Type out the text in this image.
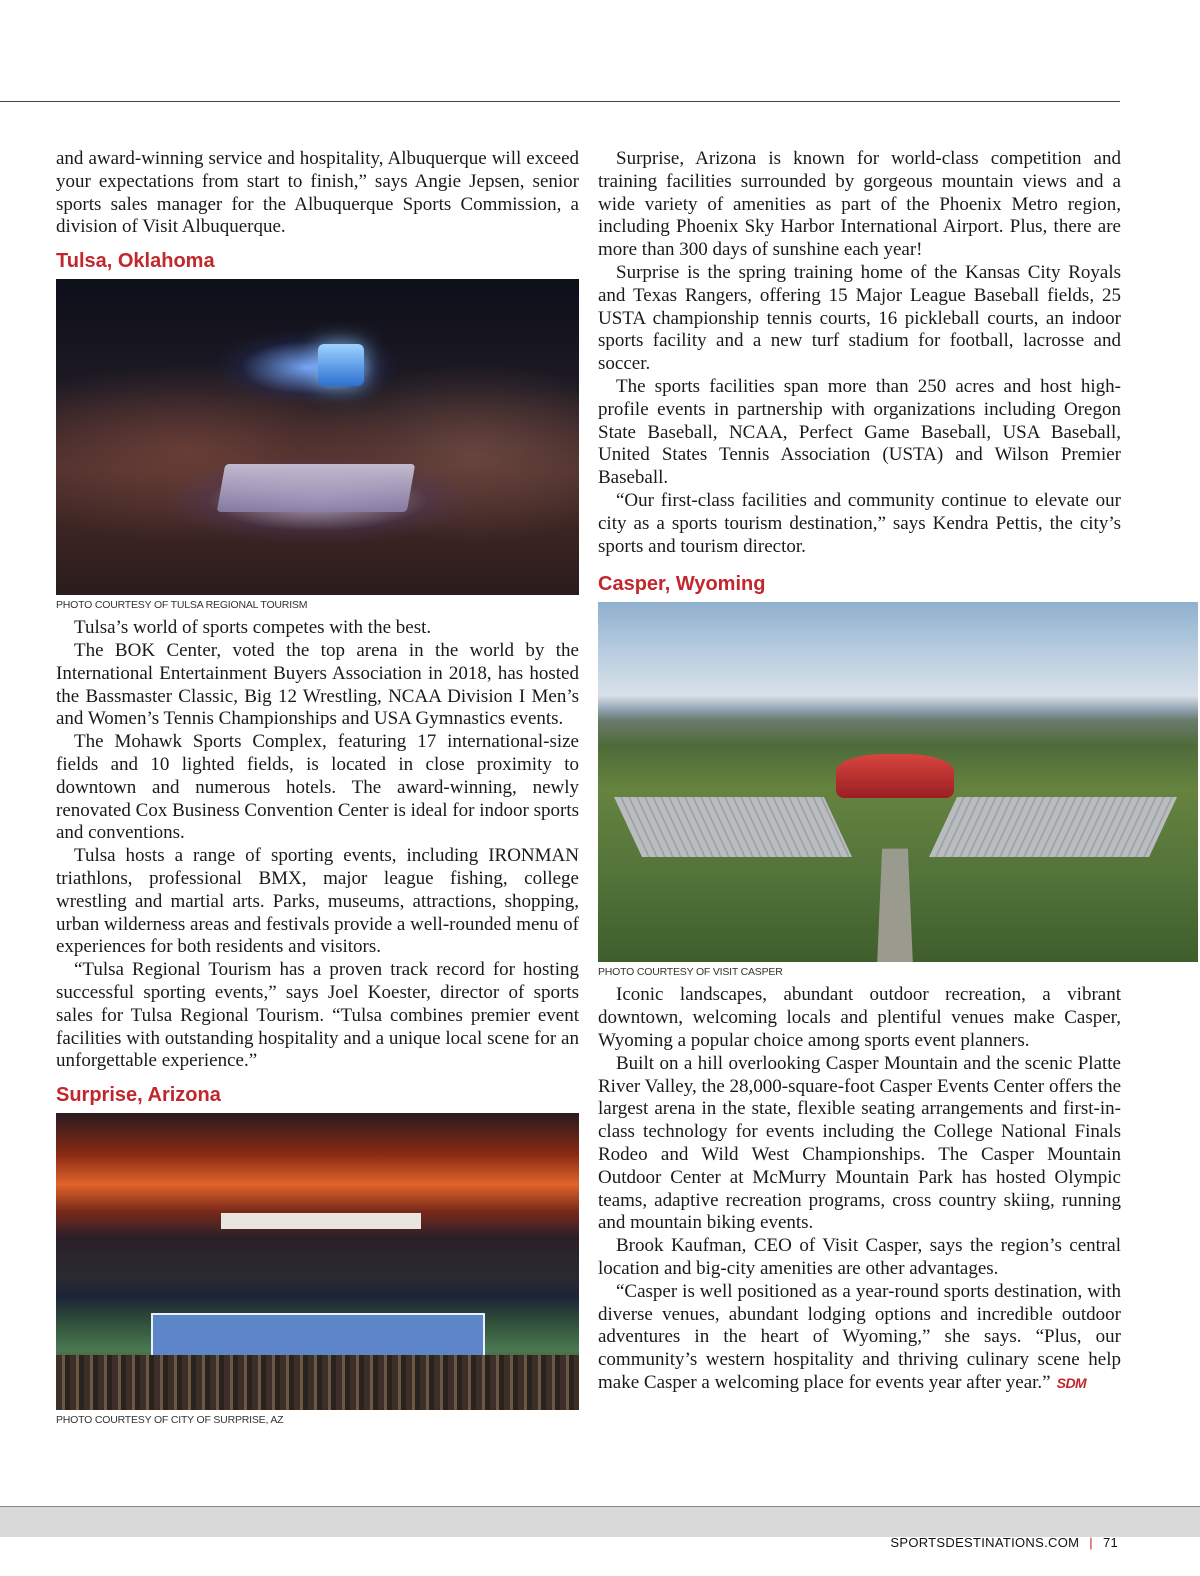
and award-winning service and hospitality, Albuquerque will exceed your expectations from start to finish,” says Angie Jepsen, senior sports sales manager for the Albuquerque Sports Commission, a division of Visit Albuquerque.

Tulsa, Oklahoma
PHOTO COURTESY OF TULSA REGIONAL TOURISM

Tulsa’s world of sports competes with the best.

The BOK Center, voted the top arena in the world by the International Entertainment Buyers Association in 2018, has hosted the Bassmaster Classic, Big 12 Wrestling, NCAA Division I Men’s and Women’s Tennis Championships and USA Gymnastics events.

The Mohawk Sports Complex, featuring 17 international-size fields and 10 lighted fields, is located in close proximity to downtown and numerous hotels. The award-winning, newly renovated Cox Business Convention Center is ideal for indoor sports and conventions.

Tulsa hosts a range of sporting events, including IRONMAN triathlons, professional BMX, major league fishing, college wrestling and martial arts. Parks, museums, attractions, shopping, urban wilderness areas and festivals provide a well-rounded menu of experiences for both residents and visitors.

“Tulsa Regional Tourism has a proven track record for hosting successful sporting events,” says Joel Koester, director of sports sales for Tulsa Regional Tourism. “Tulsa combines premier event facilities with outstanding hospitality and a unique local scene for an unforgettable experience.”

Surprise, Arizona
PHOTO COURTESY OF CITY OF SURPRISE, AZ

Surprise, Arizona is known for world-class competition and training facilities surrounded by gorgeous mountain views and a wide variety of amenities as part of the Phoenix Metro region, including Phoenix Sky Harbor International Airport. Plus, there are more than 300 days of sunshine each year!

Surprise is the spring training home of the Kansas City Royals and Texas Rangers, offering 15 Major League Baseball fields, 25 USTA championship tennis courts, 16 pickleball courts, an indoor sports facility and a new turf stadium for football, lacrosse and soccer.

The sports facilities span more than 250 acres and host high-profile events in partnership with organizations including Oregon State Baseball, NCAA, Perfect Game Baseball, USA Baseball, United States Tennis Association (USTA) and Wilson Premier Baseball.

“Our first-class facilities and community continue to elevate our city as a sports tourism destination,” says Kendra Pettis, the city’s sports and tourism director.

Casper, Wyoming
PHOTO COURTESY OF VISIT CASPER

Iconic landscapes, abundant outdoor recreation, a vibrant downtown, welcoming locals and plentiful venues make Casper, Wyoming a popular choice among sports event planners.

Built on a hill overlooking Casper Mountain and the scenic Platte River Valley, the 28,000-square-foot Casper Events Center offers the largest arena in the state, flexible seating arrangements and first-in-class technology for events including the College National Finals Rodeo and Wild West Championships. The Casper Mountain Outdoor Center at McMurry Mountain Park has hosted Olympic teams, adaptive recreation programs, cross country skiing, running and mountain biking events.

Brook Kaufman, CEO of Visit Casper, says the region’s central location and big-city amenities are other advantages.

“Casper is well positioned as a year-round sports destination, with diverse venues, abundant lodging options and incredible outdoor adventures in the heart of Wyoming,” she says. “Plus, our community’s western hospitality and thriving culinary scene help make Casper a welcoming place for events year after year.” SDM

SPORTSDESTINATIONS.COM | 71
